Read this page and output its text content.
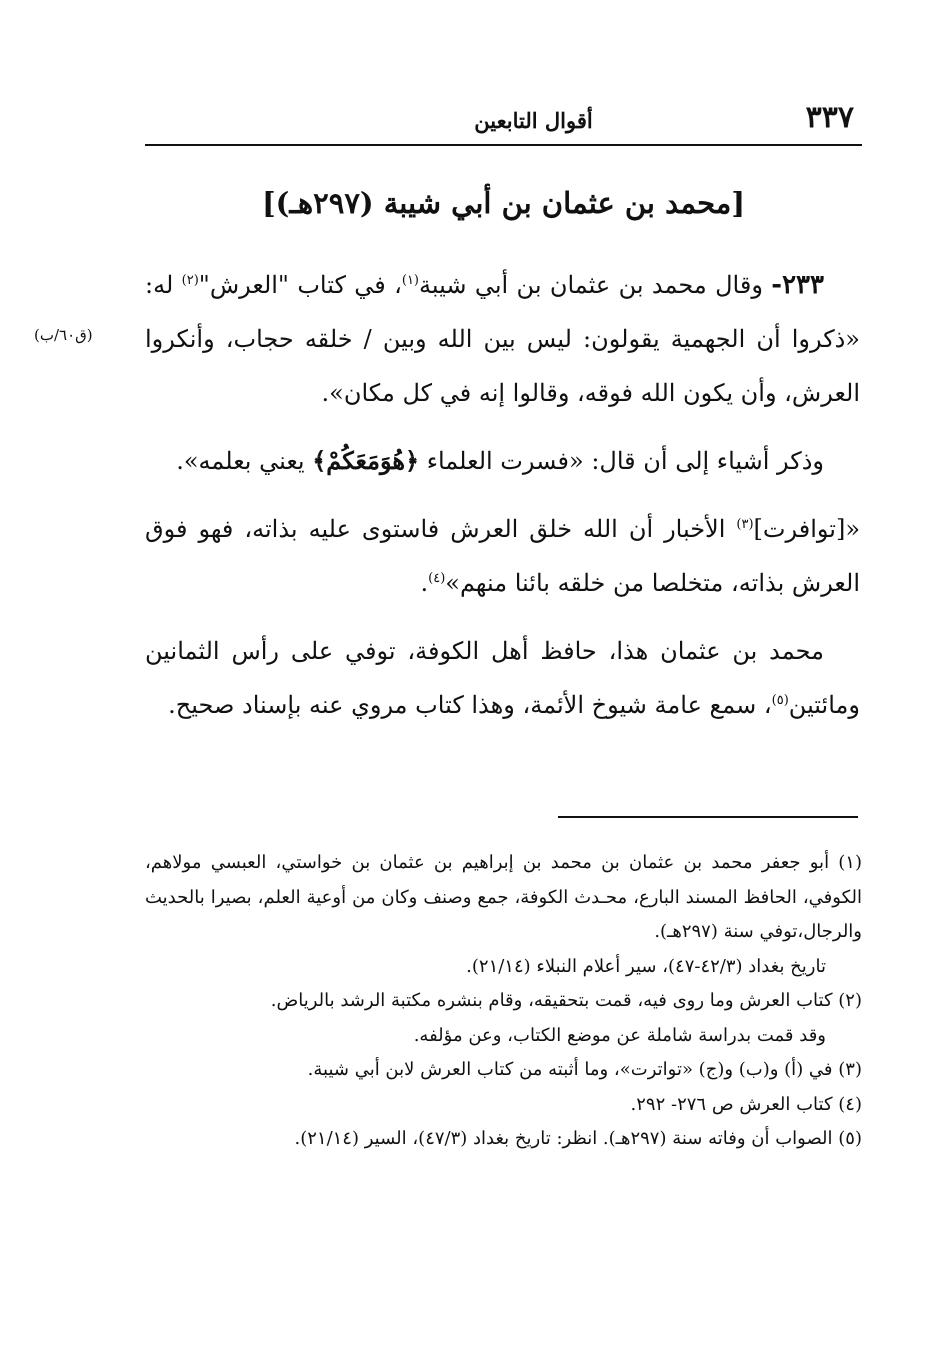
٣٣٧
أقوال التابعين
[محمد بن عثمان بن أبي شيبة (٢٩٧هـ)]
(ق٦٠/ب)

٢٣٣- وقال محمد بن عثمان بن أبي شيبة$^{(١)}$، في كتاب "العرش"$^{(٢)}$ له: «ذكروا أن الجهمية يقولون: ليس بين الله وبين / خلقه حجاب، وأنكروا العرش، وأن يكون الله فوقه، وقالوا إنه في كل مكان».

وذكر أشياء إلى أن قال: «فسرت العلماء ﴿هُوَمَعَكُمْ﴾ يعني بعلمه».

«[توافرت]$^{(٣)}$ الأخبار أن الله خلق العرش فاستوى عليه بذاته، فهو فوق العرش بذاته، متخلصا من خلقه بائنا منهم»$^{(٤)}$.

محمد بن عثمان هذا، حافظ أهل الكوفة، توفي على رأس الثمانين ومائتين$^{(٥)}$، سمع عامة شيوخ الأئمة، وهذا كتاب مروي عنه بإسناد صحيح.

(١) أبو جعفر محمد بن عثمان بن محمد بن إبراهيم بن عثمان بن خواستي، العبسي مولاهم، الكوفي، الحافظ المسند البارع، محـدث الكوفة، جمع وصنف وكان من أوعية العلم، بصيرا بالحديث والرجال،توفي سنة (٢٩٧هـ).

تاريخ بغداد (٤٢/٣-٤٧)، سير أعلام النبلاء (٢١/١٤).

(٢) كتاب العرش وما روى فيه، قمت بتحقيقه، وقام بنشره مكتبة الرشد بالرياض.

وقد قمت بدراسة شاملة عن موضع الكتاب، وعن مؤلفه.

(٣) في (أ) و(ب) و(ج) «تواترت»، وما أثبته من كتاب العرش لابن أبي شيبة.

(٤) كتاب العرش ص ٢٧٦- ٢٩٢.

(٥) الصواب أن وفاته سنة (٢٩٧هـ). انظر: تاريخ بغداد (٤٧/٣)، السير (٢١/١٤).
